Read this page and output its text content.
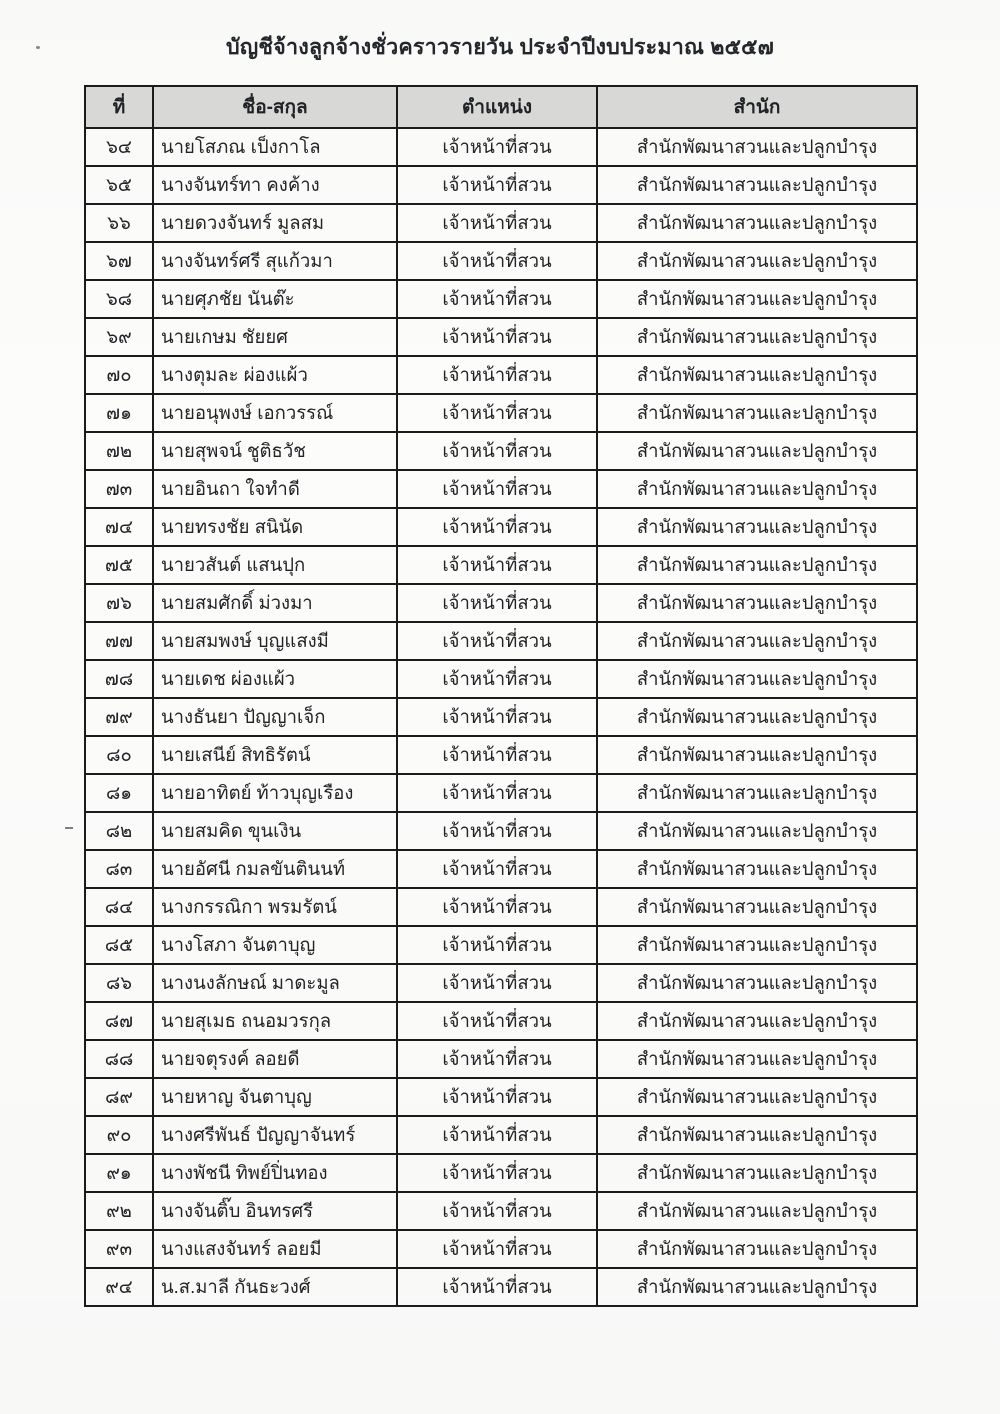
บัญชีจ้างลูกจ้างชั่วคราวรายวัน ประจำปีงบประมาณ ๒๕๕๗
ที่	ชื่อ-สกุล	ตำแหน่ง	สำนัก
๖๔	นายโสภณ เป็งกาโล	เจ้าหน้าที่สวน	สำนักพัฒนาสวนและปลูกบำรุง
๖๕	นางจันทร์ทา คงค้าง	เจ้าหน้าที่สวน	สำนักพัฒนาสวนและปลูกบำรุง
๖๖	นายดวงจันทร์ มูลสม	เจ้าหน้าที่สวน	สำนักพัฒนาสวนและปลูกบำรุง
๖๗	นางจันทร์ศรี สุแก้วมา	เจ้าหน้าที่สวน	สำนักพัฒนาสวนและปลูกบำรุง
๖๘	นายศุภชัย นันต๊ะ	เจ้าหน้าที่สวน	สำนักพัฒนาสวนและปลูกบำรุง
๖๙	นายเกษม ชัยยศ	เจ้าหน้าที่สวน	สำนักพัฒนาสวนและปลูกบำรุง
๗๐	นางตุมละ ผ่องแผ้ว	เจ้าหน้าที่สวน	สำนักพัฒนาสวนและปลูกบำรุง
๗๑	นายอนุพงษ์ เอกวรรณ์	เจ้าหน้าที่สวน	สำนักพัฒนาสวนและปลูกบำรุง
๗๒	นายสุพจน์ ชูติธวัช	เจ้าหน้าที่สวน	สำนักพัฒนาสวนและปลูกบำรุง
๗๓	นายอินถา ใจทำดี	เจ้าหน้าที่สวน	สำนักพัฒนาสวนและปลูกบำรุง
๗๔	นายทรงชัย สนินัด	เจ้าหน้าที่สวน	สำนักพัฒนาสวนและปลูกบำรุง
๗๕	นายวสันต์ แสนปุก	เจ้าหน้าที่สวน	สำนักพัฒนาสวนและปลูกบำรุง
๗๖	นายสมศักดิ์ ม่วงมา	เจ้าหน้าที่สวน	สำนักพัฒนาสวนและปลูกบำรุง
๗๗	นายสมพงษ์ บุญแสงมี	เจ้าหน้าที่สวน	สำนักพัฒนาสวนและปลูกบำรุง
๗๘	นายเดช ผ่องแผ้ว	เจ้าหน้าที่สวน	สำนักพัฒนาสวนและปลูกบำรุง
๗๙	นางธันยา ปัญญาเจ็ก	เจ้าหน้าที่สวน	สำนักพัฒนาสวนและปลูกบำรุง
๘๐	นายเสนีย์ สิทธิรัตน์	เจ้าหน้าที่สวน	สำนักพัฒนาสวนและปลูกบำรุง
๘๑	นายอาทิตย์ ท้าวบุญเรือง	เจ้าหน้าที่สวน	สำนักพัฒนาสวนและปลูกบำรุง
๘๒	นายสมคิด ขุนเงิน	เจ้าหน้าที่สวน	สำนักพัฒนาสวนและปลูกบำรุง
๘๓	นายอัศนี กมลขันตินนท์	เจ้าหน้าที่สวน	สำนักพัฒนาสวนและปลูกบำรุง
๘๔	นางกรรณิกา พรมรัตน์	เจ้าหน้าที่สวน	สำนักพัฒนาสวนและปลูกบำรุง
๘๕	นางโสภา จันตาบุญ	เจ้าหน้าที่สวน	สำนักพัฒนาสวนและปลูกบำรุง
๘๖	นางนงลักษณ์ มาดะมูล	เจ้าหน้าที่สวน	สำนักพัฒนาสวนและปลูกบำรุง
๘๗	นายสุเมธ ถนอมวรกุล	เจ้าหน้าที่สวน	สำนักพัฒนาสวนและปลูกบำรุง
๘๘	นายจตุรงค์ ลอยดี	เจ้าหน้าที่สวน	สำนักพัฒนาสวนและปลูกบำรุง
๘๙	นายหาญ จันตาบุญ	เจ้าหน้าที่สวน	สำนักพัฒนาสวนและปลูกบำรุง
๙๐	นางศรีพันธ์ ปัญญาจันทร์	เจ้าหน้าที่สวน	สำนักพัฒนาสวนและปลูกบำรุง
๙๑	นางพัชนี ทิพย์ปิ่นทอง	เจ้าหน้าที่สวน	สำนักพัฒนาสวนและปลูกบำรุง
๙๒	นางจันติ๊บ อินทรศรี	เจ้าหน้าที่สวน	สำนักพัฒนาสวนและปลูกบำรุง
๙๓	นางแสงจันทร์ ลอยมี	เจ้าหน้าที่สวน	สำนักพัฒนาสวนและปลูกบำรุง
๙๔	น.ส.มาลี กันธะวงศ์	เจ้าหน้าที่สวน	สำนักพัฒนาสวนและปลูกบำรุง
